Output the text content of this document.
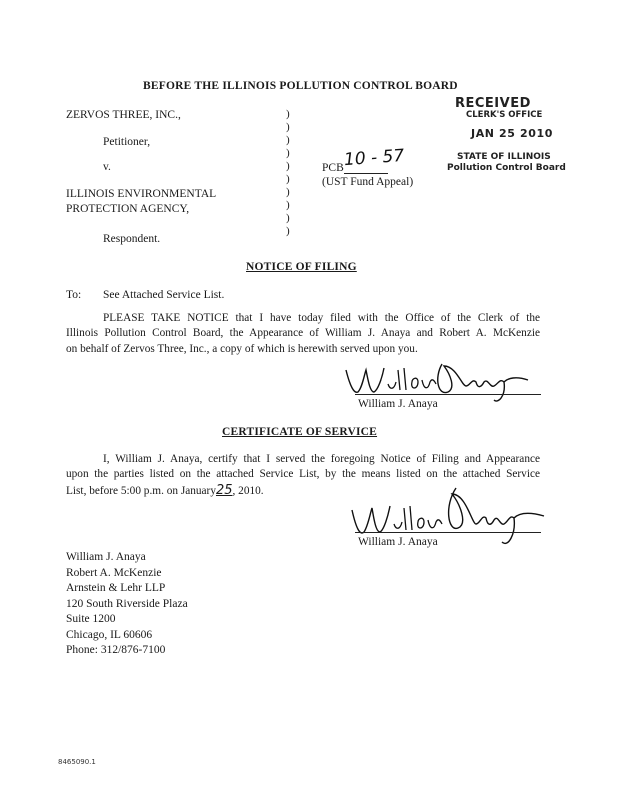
BEFORE THE ILLINOIS POLLUTION CONTROL BOARD
ZERVOS THREE, INC.,
Petitioner,
v.
ILLINOIS ENVIRONMENTAL
PROTECTION AGENCY,
Respondent.
)
)
)
)
)
)
)
)
)
)
PCB 10 - 57
(UST Fund Appeal)
RECEIVED
CLERK'S OFFICE
JAN 25 2010
STATE OF ILLINOIS
Pollution Control Board
NOTICE OF FILING
To: See Attached Service List.
PLEASE TAKE NOTICE that I have today filed with the Office of the Clerk of the
Illinois Pollution Control Board, the Appearance of William J. Anaya and Robert A. McKenzie
on behalf of Zervos Three, Inc., a copy of which is herewith served upon you.
William J. Anaya
CERTIFICATE OF SERVICE
I, William J. Anaya, certify that I served the foregoing Notice of Filing and Appearance
upon the parties listed on the attached Service List, by the means listed on the attached Service
List, before 5:00 p.m. on January25, 2010.
William J. Anaya
William J. Anaya
Robert A. McKenzie
Arnstein & Lehr LLP
120 South Riverside Plaza
Suite 1200
Chicago, IL 60606
Phone: 312/876-7100
8465090.1
